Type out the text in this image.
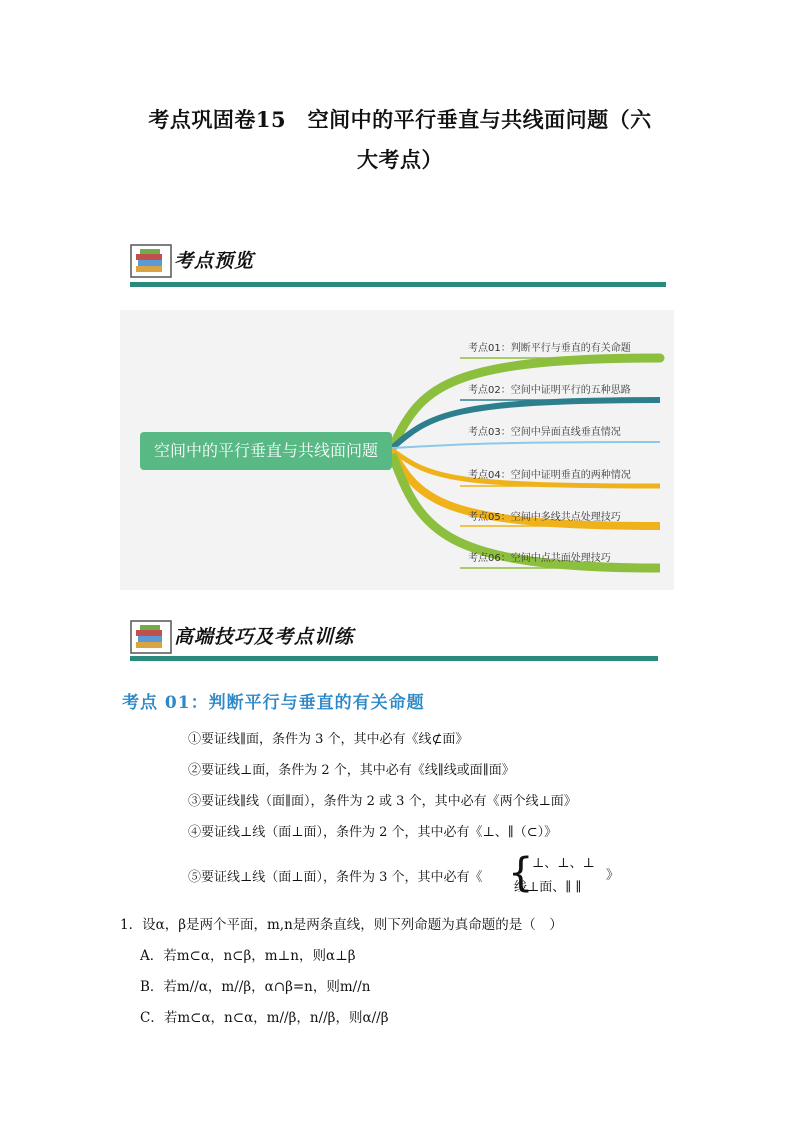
考点巩固卷15　空间中的平行垂直与共线面问题（六
大考点）
考点预览
空间中的平行垂直与共线面问题
考点01：判断平行与垂直的有关命题
考点02：空间中证明平行的五种思路
考点03：空间中异面直线垂直情况
考点04：空间中证明垂直的两种情况
考点05：空间中多线共点处理技巧
考点06：空间中点共面处理技巧
高端技巧及考点训练
考点 01：判断平行与垂直的有关命题
①要证线∥面，条件为 3 个，其中必有《线⊄面》
②要证线⊥面，条件为 2 个，其中必有《线∥线或面∥面》
③要证线∥线（面∥面），条件为 2 或 3 个，其中必有《两个线⊥面》
④要证线⊥线（面⊥面），条件为 2 个，其中必有《⊥、∥（⊂）》
⑤要证线⊥线（面⊥面），条件为 3 个，其中必有《 {
⊥、⊥、⊥
线⊥面、∥ ∥
》
1．设α，β是两个平面，m,n是两条直线，则下列命题为真命题的是（　）
A．若m⊂α，n⊂β，m⊥n，则α⊥β
B．若m//α，m//β，α∩β=n，则m//n
C．若m⊂α，n⊂α，m//β，n//β，则α//β
